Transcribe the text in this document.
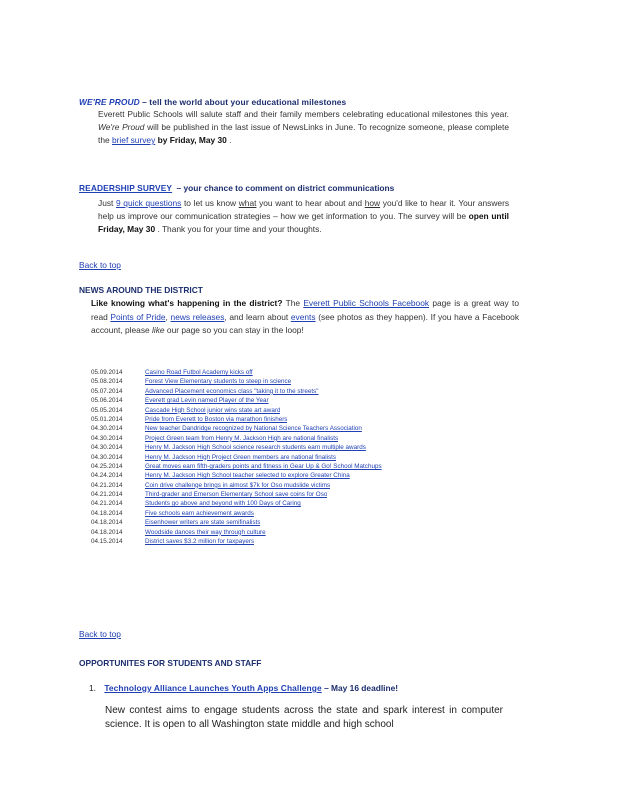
WE'RE PROUD – tell the world about your educational milestones
Everett Public Schools will salute staff and their family members celebrating educational milestones this year. We're Proud will be published in the last issue of NewsLinks in June. To recognize someone, please complete the brief survey by Friday, May 30 .
READERSHIP SURVEY – your chance to comment on district communications
Just 9 quick questions to let us know what you want to hear about and how you'd like to hear it. Your answers help us improve our communication strategies – how we get information to you. The survey will be open until Friday, May 30 . Thank you for your time and your thoughts.
Back to top
NEWS AROUND THE DISTRICT
Like knowing what's happening in the district? The Everett Public Schools Facebook page is a great way to read Points of Pride, news releases, and learn about events (see photos as they happen). If you have a Facebook account, please like our page so you can stay in the loop!
05.09.2014	Casino Road Futbol Academy kicks off
05.08.2014	Forest View Elementary students to steep in science
05.07.2014	Advanced Placement economics class "taking it to the streets"
05.06.2014	Everett grad Levin named Player of the Year
05.05.2014	Cascade High School junior wins state art award
05.01.2014	Pride from Everett to Boston via marathon finishers
04.30.2014	New teacher Dandridge recognized by National Science Teachers Association
04.30.2014	Project Green team from Henry M. Jackson High are national finalists
04.30.2014	Henry M. Jackson High School science research students earn multiple awards
04.30.2014	Henry M. Jackson High Project Green members are national finalists
04.25.2014	Great moves earn fifth-graders points and fitness in Gear Up & Go! School Matchups
04.24.2014	Henry M. Jackson High School teacher selected to explore Greater China
04.21.2014	Coin drive challenge brings in almost $7k for Oso mudslide victims
04.21.2014	Third-grader and Emerson Elementary School save coins for Oso
04.21.2014	Students go above and beyond with 100 Days of Caring
04.18.2014	Five schools earn achievement awards
04.18.2014	Eisenhower writers are state semifinalists
04.18.2014	Woodside dances their way through culture
04.15.2014	District saves $3.2 million for taxpayers
Back to top
OPPORTUNITES FOR STUDENTS AND STAFF
1. Technology Alliance Launches Youth Apps Challenge – May 16 deadline!
New contest aims to engage students across the state and spark interest in computer science. It is open to all Washington state middle and high school
